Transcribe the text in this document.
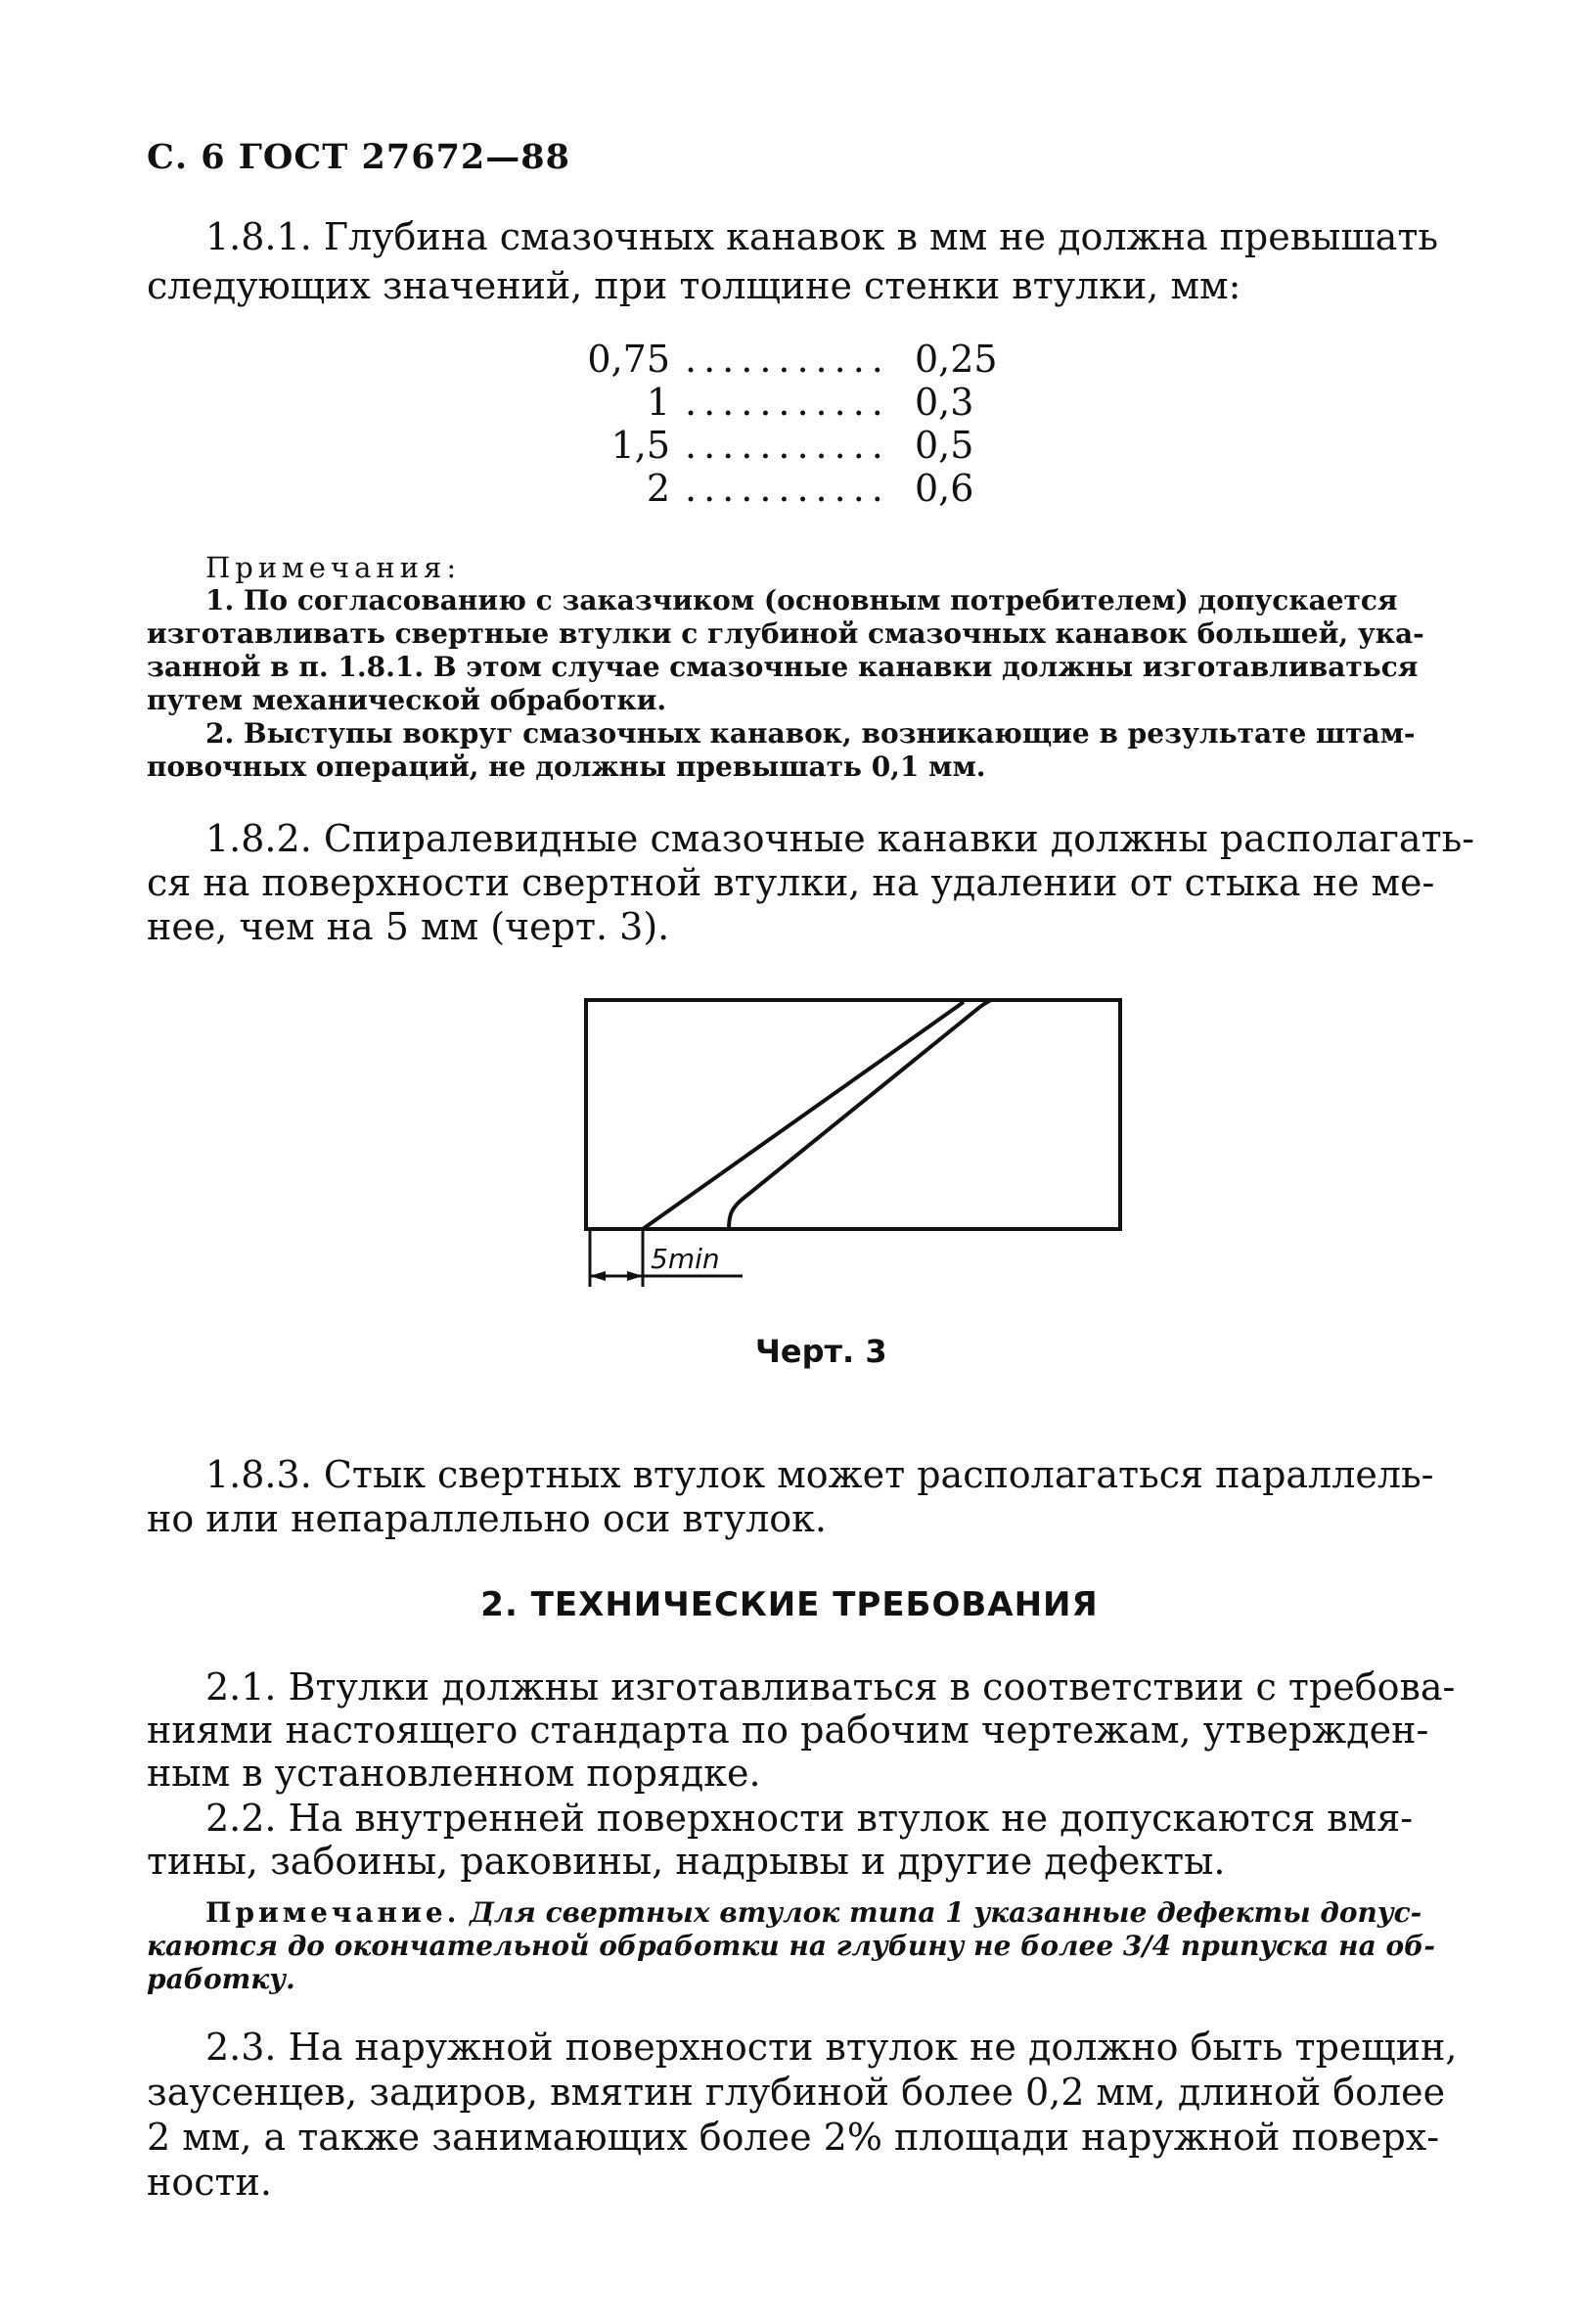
С. 6 ГОСТ 27672—88
1.8.1. Глубина смазочных канавок в мм не должна превышать
следующих значений, при толщине стенки втулки, мм:
0,75 ........... 0,25
1 ........... 0,3
1,5 ........... 0,5
2 ........... 0,6
Примечания:
1. По согласованию с заказчиком (основным потребителем) допускается
изготавливать свертные втулки с глубиной смазочных канавок большей, ука-
занной в п. 1.8.1. В этом случае смазочные канавки должны изготавливаться
путем механической обработки.
2. Выступы вокруг смазочных канавок, возникающие в результате штам-
повочных операций, не должны превышать 0,1 мм.
1.8.2. Спиралевидные смазочные канавки должны располагать-
ся на поверхности свертной втулки, на удалении от стыка не ме-
нее, чем на 5 мм (черт. 3).
5min
Черт. 3
1.8.3. Стык свертных втулок может располагаться параллель-
но или непараллельно оси втулок.
2. ТЕХНИЧЕСКИЕ ТРЕБОВАНИЯ
2.1. Втулки должны изготавливаться в соответствии с требова-
ниями настоящего стандарта по рабочим чертежам, утвержден-
ным в установленном порядке.
2.2. На внутренней поверхности втулок не допускаются вмя-
тины, забоины, раковины, надрывы и другие дефекты.
Примечание. Для свертных втулок типа 1 указанные дефекты допус-
каются до окончательной обработки на глубину не более 3/4 припуска на об-
работку.
2.3. На наружной поверхности втулок не должно быть трещин,
заусенцев, задиров, вмятин глубиной более 0,2 мм, длиной более
2 мм, а также занимающих более 2% площади наружной поверх-
ности.
